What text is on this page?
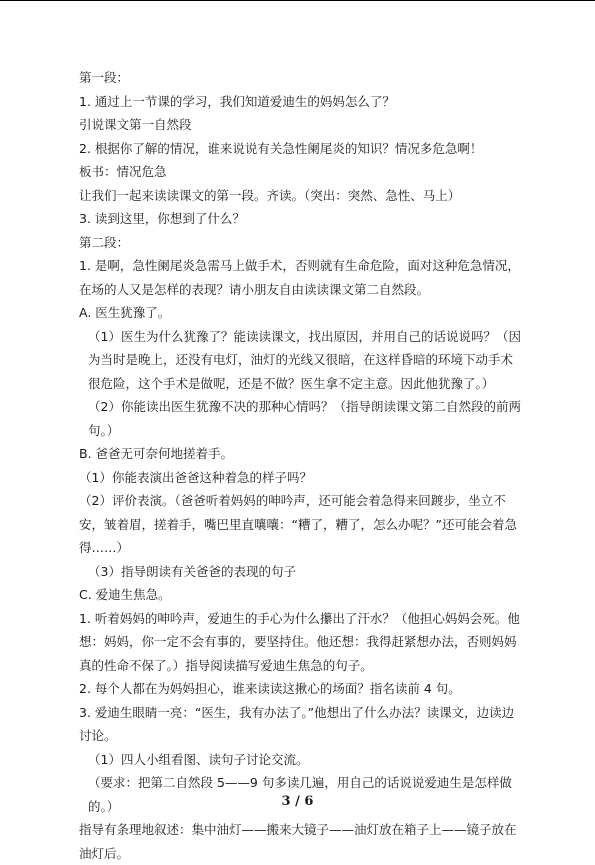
第一段：

1. 通过上一节课的学习，我们知道爱迪生的妈妈怎么了？

引说课文第一自然段

2. 根据你了解的情况，谁来说说有关急性阑尾炎的知识？情况多危急啊！

板书：情况危急

让我们一起来读读课文的第一段。齐读。（突出：突然、急性、马上）

3. 读到这里，你想到了什么？

第二段：

1. 是啊，急性阑尾炎急需马上做手术，否则就有生命危险，面对这种危急情况，在场的人又是怎样的表现？请小朋友自由读读课文第二自然段。

A. 医生犹豫了。

（1）医生为什么犹豫了？能读读课文，找出原因，并用自己的话说说吗？（因为当时是晚上，还没有电灯，油灯的光线又很暗，在这样昏暗的环境下动手术很危险，这个手术是做呢，还是不做？医生拿不定主意。因此他犹豫了。）

（2）你能读出医生犹豫不决的那种心情吗？（指导朗读课文第二自然段的前两句。）

B. 爸爸无可奈何地搓着手。

（1）你能表演出爸爸这种着急的样子吗？

（2）评价表演。（爸爸听着妈妈的呻吟声，还可能会着急得来回踱步，坐立不安，皱着眉，搓着手，嘴巴里直嚷嚷：“糟了，糟了，怎么办呢？”还可能会着急得……）

（3）指导朗读有关爸爸的表现的句子

C. 爱迪生焦急。

1. 听着妈妈的呻吟声，爱迪生的手心为什么攥出了汗水？（他担心妈妈会死。他想：妈妈，你一定不会有事的，要坚持住。他还想：我得赶紧想办法，否则妈妈真的性命不保了。）指导阅读描写爱迪生焦急的句子。

2. 每个人都在为妈妈担心，谁来读读这揪心的场面？指名读前 4 句。

3. 爱迪生眼睛一亮：“医生，我有办法了。”他想出了什么办法？读课文，边读边讨论。

（1）四人小组看图、读句子讨论交流。

（要求：把第二自然段 5——9 句多读几遍，用自己的话说说爱迪生是怎样做的。）

指导有条理地叙述：集中油灯——搬来大镜子——油灯放在箱子上——镜子放在油灯后。

3 / 6
